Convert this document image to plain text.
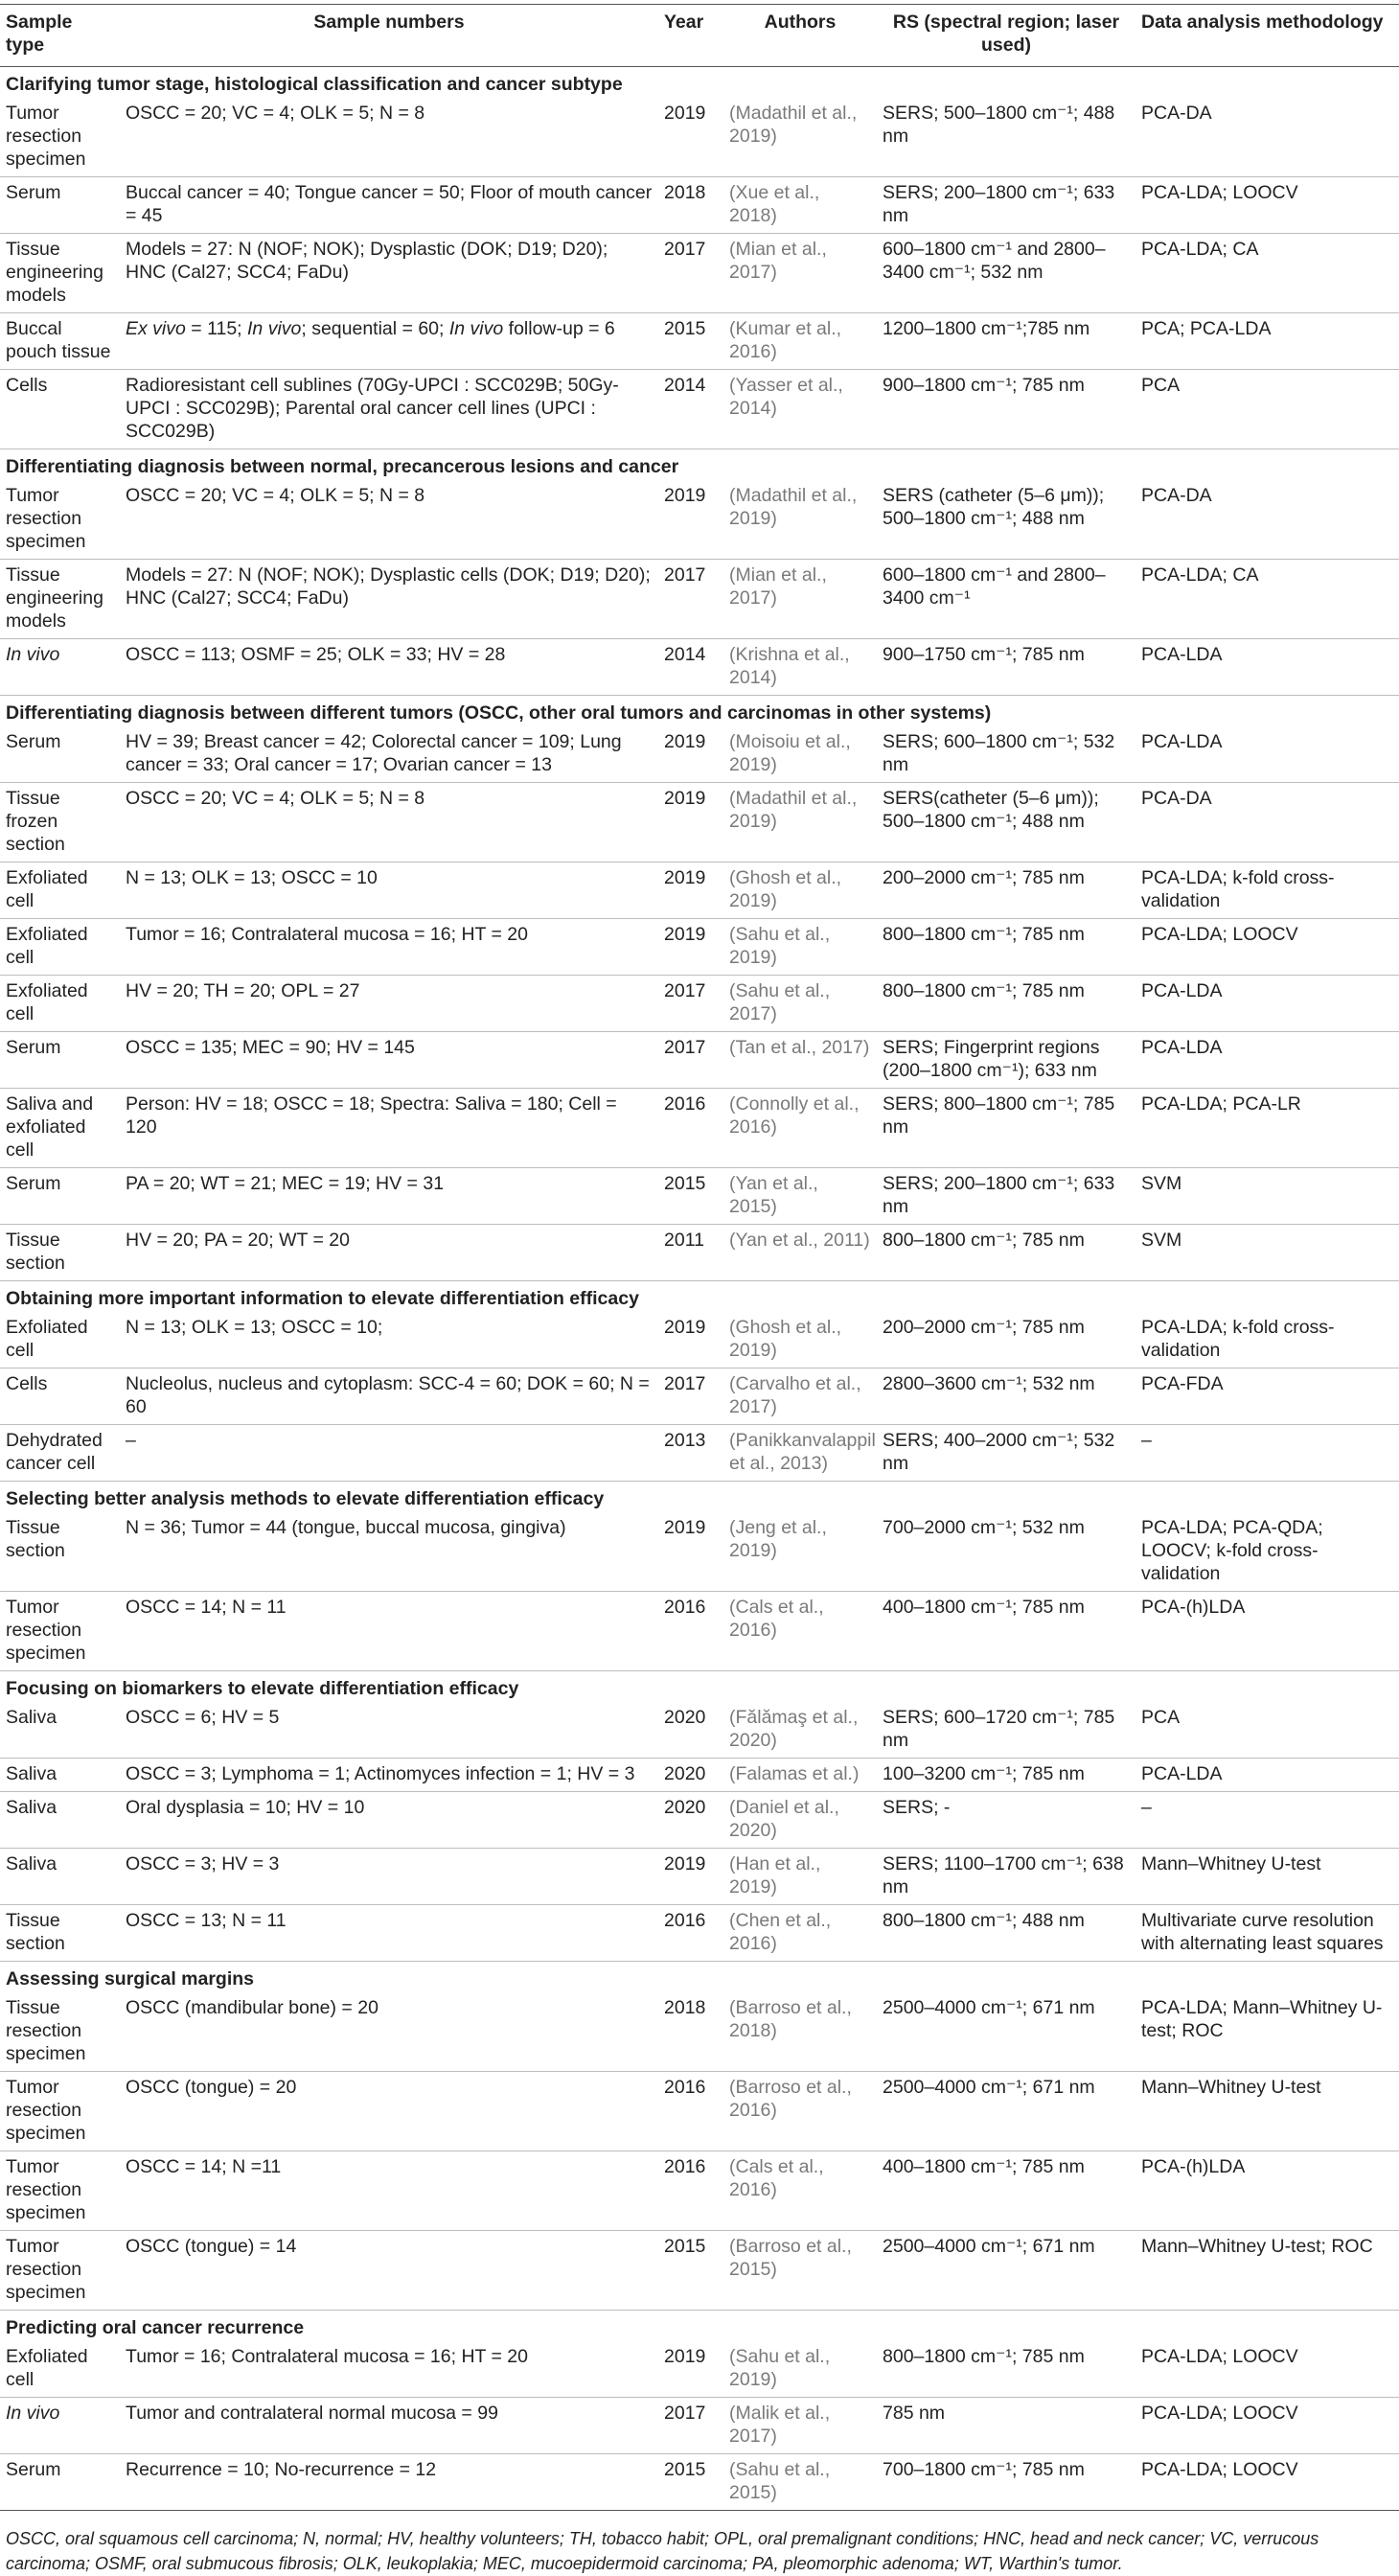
Sample type	Sample numbers	Year	Authors	RS (spectral region; laser used)	Data analysis methodology
Clarifying tumor stage, histological classification and cancer subtype					
Tumor resection specimen	OSCC = 20; VC = 4; OLK = 5; N = 8	2019	(Madathil et al., 2019)	SERS; 500–1800 cm⁻¹; 488 nm	PCA-DA
Serum	Buccal cancer = 40; Tongue cancer = 50; Floor of mouth cancer = 45	2018	(Xue et al., 2018)	SERS; 200–1800 cm⁻¹; 633 nm	PCA-LDA; LOOCV
Tissue engineering models	Models = 27: N (NOF; NOK); Dysplastic (DOK; D19; D20); HNC (Cal27; SCC4; FaDu)	2017	(Mian et al., 2017)	600–1800 cm⁻¹ and 2800–3400 cm⁻¹; 532 nm	PCA-LDA; CA
Buccal pouch tissue	Ex vivo = 115; In vivo; sequential = 60; In vivo follow-up = 6	2015	(Kumar et al., 2016)	1200–1800 cm⁻¹;785 nm	PCA; PCA-LDA
Cells	Radioresistant cell sublines (70Gy-UPCI : SCC029B; 50Gy-UPCI : SCC029B); Parental oral cancer cell lines (UPCI : SCC029B)	2014	(Yasser et al., 2014)	900–1800 cm⁻¹; 785 nm	PCA
Differentiating diagnosis between normal, precancerous lesions and cancer					
Tumor resection specimen	OSCC = 20; VC = 4; OLK = 5; N = 8	2019	(Madathil et al., 2019)	SERS (catheter (5–6 μm)); 500–1800 cm⁻¹; 488 nm	PCA-DA
Tissue engineering models	Models = 27: N (NOF; NOK); Dysplastic cells (DOK; D19; D20); HNC (Cal27; SCC4; FaDu)	2017	(Mian et al., 2017)	600–1800 cm⁻¹ and 2800–3400 cm⁻¹	PCA-LDA; CA
In vivo	OSCC = 113; OSMF = 25; OLK = 33; HV = 28	2014	(Krishna et al., 2014)	900–1750 cm⁻¹; 785 nm	PCA-LDA
Differentiating diagnosis between different tumors (OSCC, other oral tumors and carcinomas in other systems)					
Serum	HV = 39; Breast cancer = 42; Colorectal cancer = 109; Lung cancer = 33; Oral cancer = 17; Ovarian cancer = 13	2019	(Moisoiu et al., 2019)	SERS; 600–1800 cm⁻¹; 532 nm	PCA-LDA
Tissue frozen section	OSCC = 20; VC = 4; OLK = 5; N = 8	2019	(Madathil et al., 2019)	SERS(catheter (5–6 μm)); 500–1800 cm⁻¹; 488 nm	PCA-DA
Exfoliated cell	N = 13; OLK = 13; OSCC = 10	2019	(Ghosh et al., 2019)	200–2000 cm⁻¹; 785 nm	PCA-LDA; k-fold cross-validation
Exfoliated cell	Tumor = 16; Contralateral mucosa = 16; HT = 20	2019	(Sahu et al., 2019)	800–1800 cm⁻¹; 785 nm	PCA-LDA; LOOCV
Exfoliated cell	HV = 20; TH = 20; OPL = 27	2017	(Sahu et al., 2017)	800–1800 cm⁻¹; 785 nm	PCA-LDA
Serum	OSCC = 135; MEC = 90; HV = 145	2017	(Tan et al., 2017)	SERS; Fingerprint regions (200–1800 cm⁻¹); 633 nm	PCA-LDA
Saliva and exfoliated cell	Person: HV = 18; OSCC = 18; Spectra: Saliva = 180; Cell = 120	2016	(Connolly et al., 2016)	SERS; 800–1800 cm⁻¹; 785 nm	PCA-LDA; PCA-LR
Serum	PA = 20; WT = 21; MEC = 19; HV = 31	2015	(Yan et al., 2015)	SERS; 200–1800 cm⁻¹; 633 nm	SVM
Tissue section	HV = 20; PA = 20; WT = 20	2011	(Yan et al., 2011)	800–1800 cm⁻¹; 785 nm	SVM
Obtaining more important information to elevate differentiation efficacy					
Exfoliated cell	N = 13; OLK = 13; OSCC = 10;	2019	(Ghosh et al., 2019)	200–2000 cm⁻¹; 785 nm	PCA-LDA; k-fold cross-validation
Cells	Nucleolus, nucleus and cytoplasm: SCC-4 = 60; DOK = 60; N = 60	2017	(Carvalho et al., 2017)	2800–3600 cm⁻¹; 532 nm	PCA-FDA
Dehydrated cancer cell	–	2013	(Panikkanvalappil et al., 2013)	SERS; 400–2000 cm⁻¹; 532 nm	–
Selecting better analysis methods to elevate differentiation efficacy					
Tissue section	N = 36; Tumor = 44 (tongue, buccal mucosa, gingiva)	2019	(Jeng et al., 2019)	700–2000 cm⁻¹; 532 nm	PCA-LDA; PCA-QDA; LOOCV; k-fold cross-validation
Tumor resection specimen	OSCC = 14; N = 11	2016	(Cals et al., 2016)	400–1800 cm⁻¹; 785 nm	PCA-(h)LDA
Focusing on biomarkers to elevate differentiation efficacy					
Saliva	OSCC = 6; HV = 5	2020	(Fălămaş et al., 2020)	SERS; 600–1720 cm⁻¹; 785 nm	PCA
Saliva	OSCC = 3; Lymphoma = 1; Actinomyces infection = 1; HV = 3	2020	(Falamas et al.)	100–3200 cm⁻¹; 785 nm	PCA-LDA
Saliva	Oral dysplasia = 10; HV = 10	2020	(Daniel et al., 2020)	SERS; -	–
Saliva	OSCC = 3; HV = 3	2019	(Han et al., 2019)	SERS; 1100–1700 cm⁻¹; 638 nm	Mann–Whitney U-test
Tissue section	OSCC = 13; N = 11	2016	(Chen et al., 2016)	800–1800 cm⁻¹; 488 nm	Multivariate curve resolution with alternating least squares
Assessing surgical margins					
Tissue resection specimen	OSCC (mandibular bone) = 20	2018	(Barroso et al., 2018)	2500–4000 cm⁻¹; 671 nm	PCA-LDA; Mann–Whitney U-test; ROC
Tumor resection specimen	OSCC (tongue) = 20	2016	(Barroso et al., 2016)	2500–4000 cm⁻¹; 671 nm	Mann–Whitney U-test
Tumor resection specimen	OSCC = 14; N =11	2016	(Cals et al., 2016)	400–1800 cm⁻¹; 785 nm	PCA-(h)LDA
Tumor resection specimen	OSCC (tongue) = 14	2015	(Barroso et al., 2015)	2500–4000 cm⁻¹; 671 nm	Mann–Whitney U-test; ROC
Predicting oral cancer recurrence					
Exfoliated cell	Tumor = 16; Contralateral mucosa = 16; HT = 20	2019	(Sahu et al., 2019)	800–1800 cm⁻¹; 785 nm	PCA-LDA; LOOCV
In vivo	Tumor and contralateral normal mucosa = 99	2017	(Malik et al., 2017)	785 nm	PCA-LDA; LOOCV
Serum	Recurrence = 10; No-recurrence = 12	2015	(Sahu et al., 2015)	700–1800 cm⁻¹; 785 nm	PCA-LDA; LOOCV
OSCC, oral squamous cell carcinoma; N, normal; HV, healthy volunteers; TH, tobacco habit; OPL, oral premalignant conditions; HNC, head and neck cancer; VC, verrucous carcinoma; OSMF, oral submucous fibrosis; OLK, leukoplakia; MEC, mucoepidermoid carcinoma; PA, pleomorphic adenoma; WT, Warthin's tumor.
